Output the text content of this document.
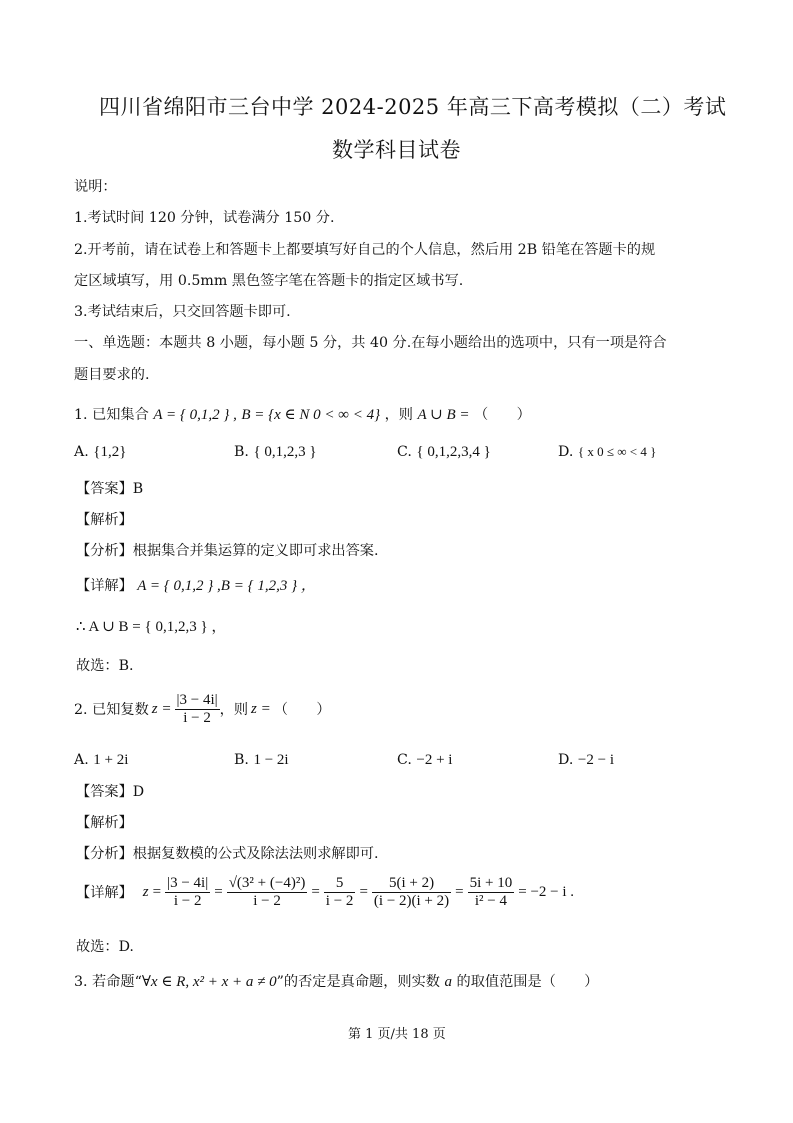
四川省绵阳市三台中学 2024-2025 年高三下高考模拟（二）考试
数学科目试卷
说明：
1.考试时间 120 分钟，试卷满分 150 分.
2.开考前，请在试卷上和答题卡上都要填写好自己的个人信息，然后用 2B 铅笔在答题卡的规
定区域填写，用 0.5mm 黑色签字笔在答题卡的指定区域书写.
3.考试结束后，只交回答题卡即可.
一、单选题：本题共 8 小题，每小题 5 分，共 40 分.在每小题给出的选项中，只有一项是符合
题目要求的.
1. 已知集合 A = { 0,1,2 } , B = {x ∈ N 0 < ∞ < 4} ，则 A ∪ B = （　　）
A. {1,2}	B. { 0,1,2,3 }	C. { 0,1,2,3,4 }	D. { x 0 ≤ ∞ < 4 }
【答案】B
【解析】
【分析】根据集合并集运算的定义即可求出答案.
【详解】 A = { 0,1,2 } ,B = { 1,2,3 } ，
∴ A ∪ B = { 0,1,2,3 } ，
故选：B.
2. 已知复数 $z = \frac{|3 - 4i|}{i - 2}$ ，则 z = （　　）
A. 1 + 2i	B. 1 − 2i	C. −2 + i	D. −2 − i
【答案】D
【解析】
【分析】根据复数模的公式及除法法则求解即可.
【详解】 $z = \frac{|3 - 4i|}{i - 2} = \frac{\text{√(3² + (−4)²)}}{i - 2} = \frac{5}{i - 2} = \frac{5(i + 2)}{(i - 2)(i + 2)} = \frac{5i + 10}{\text{i² − 4}} = -2 - i$ .
故选：D.
3. 若命题“∀x ∈ R, x² + x + a ≠ 0”的否定是真命题，则实数 a 的取值范围是（　　）
第 1 页/共 18 页
